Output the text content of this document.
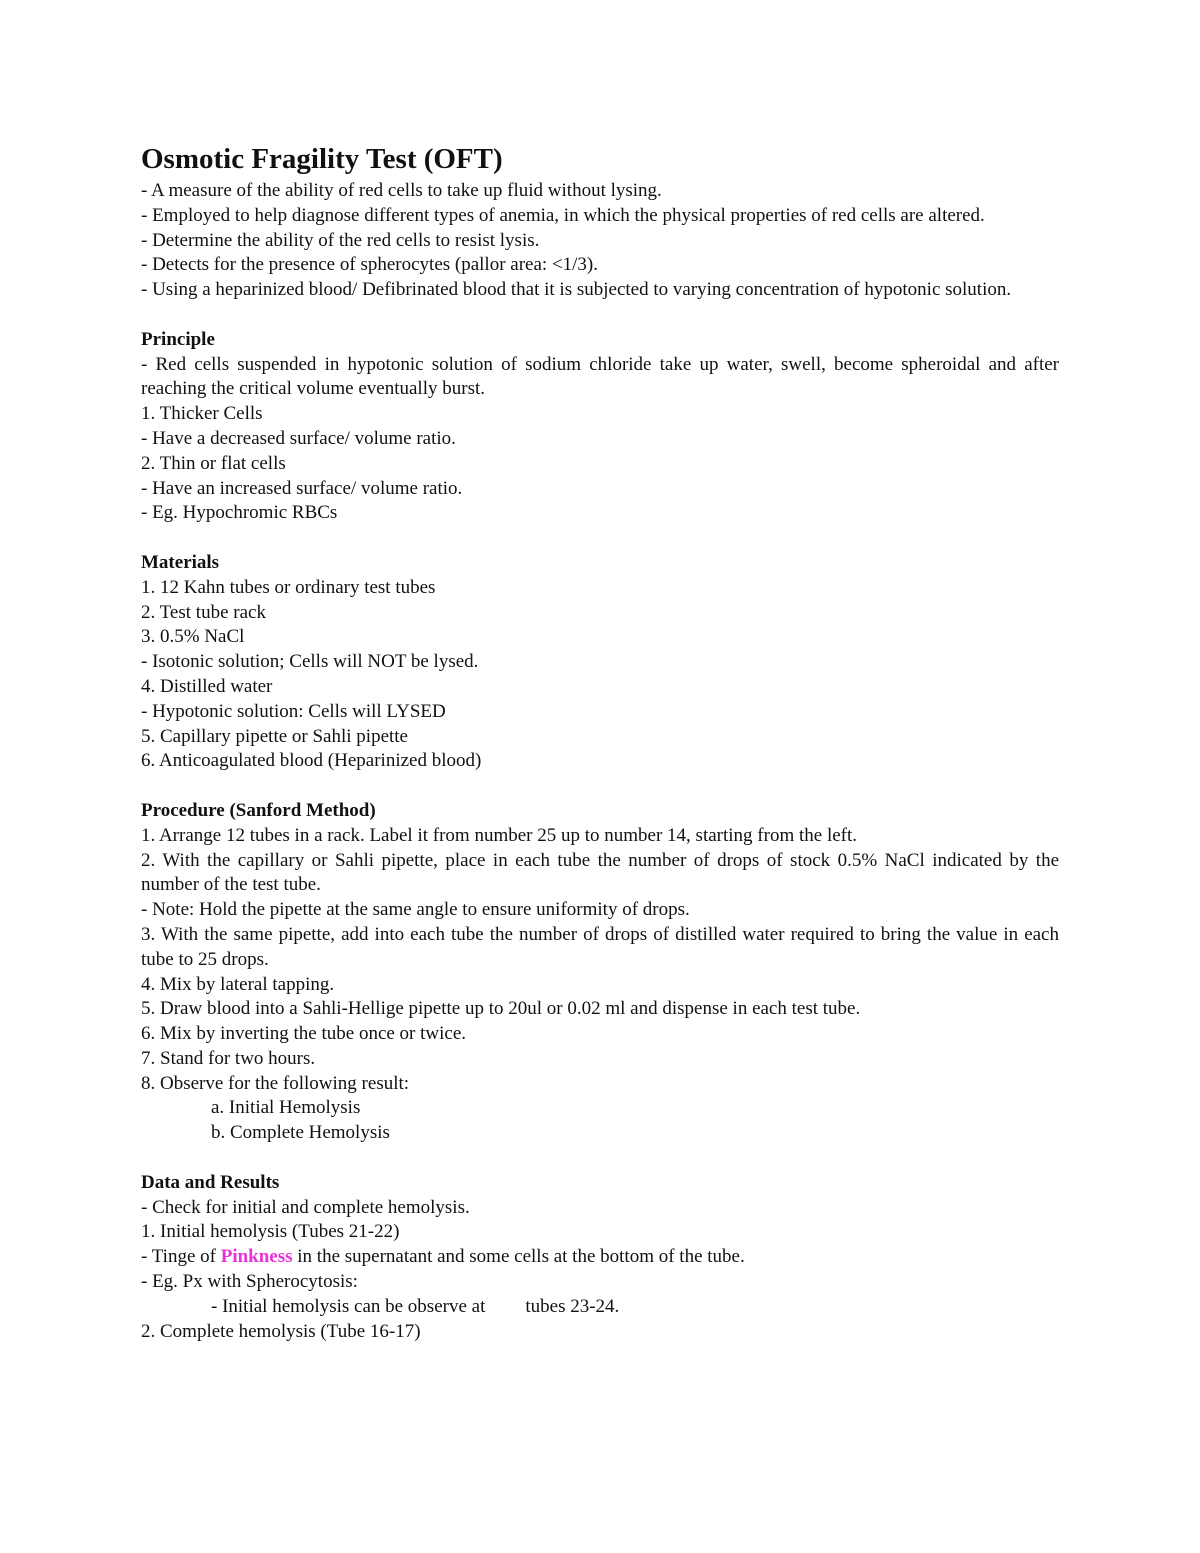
Osmotic Fragility Test (OFT)
- A measure of the ability of red cells to take up fluid without lysing.
- Employed to help diagnose different types of anemia, in which the physical properties of red cells are altered.
- Determine the ability of the red cells to resist lysis.
- Detects for the presence of spherocytes (pallor area: <1/3).
- Using a heparinized blood/ Defibrinated blood that it is subjected to varying concentration of hypotonic solution.
Principle
- Red cells suspended in hypotonic solution of sodium chloride take up water, swell, become spheroidal and after reaching the critical volume eventually burst.
1. Thicker Cells
- Have a decreased surface/ volume ratio.
2. Thin or flat cells
- Have an increased surface/ volume ratio.
- Eg. Hypochromic RBCs
Materials
1. 12 Kahn tubes or ordinary test tubes
2. Test tube rack
3. 0.5% NaCl
- Isotonic solution; Cells will NOT be lysed.
4. Distilled water
- Hypotonic solution: Cells will LYSED
5. Capillary pipette or Sahli pipette
6. Anticoagulated blood (Heparinized blood)
Procedure (Sanford Method)
1. Arrange 12 tubes in a rack. Label it from number 25 up to number 14, starting from the left.
2. With the capillary or Sahli pipette, place in each tube the number of drops of stock 0.5% NaCl indicated by the number of the test tube.
- Note: Hold the pipette at the same angle to ensure uniformity of drops.
3. With the same pipette, add into each tube the number of drops of distilled water required to bring the value in each tube to 25 drops.
4. Mix by lateral tapping.
5. Draw blood into a Sahli-Hellige pipette up to 20ul or 0.02 ml and dispense in each test tube.
6. Mix by inverting the tube once or twice.
7. Stand for two hours.
8. Observe for the following result:
a. Initial Hemolysis
b. Complete Hemolysis
Data and Results
- Check for initial and complete hemolysis.
1. Initial hemolysis (Tubes 21-22)
- Tinge of Pinkness in the supernatant and some cells at the bottom of the tube.
- Eg. Px with Spherocytosis:
- Initial hemolysis can be observe at tubes 23-24.
2. Complete hemolysis (Tube 16-17)
